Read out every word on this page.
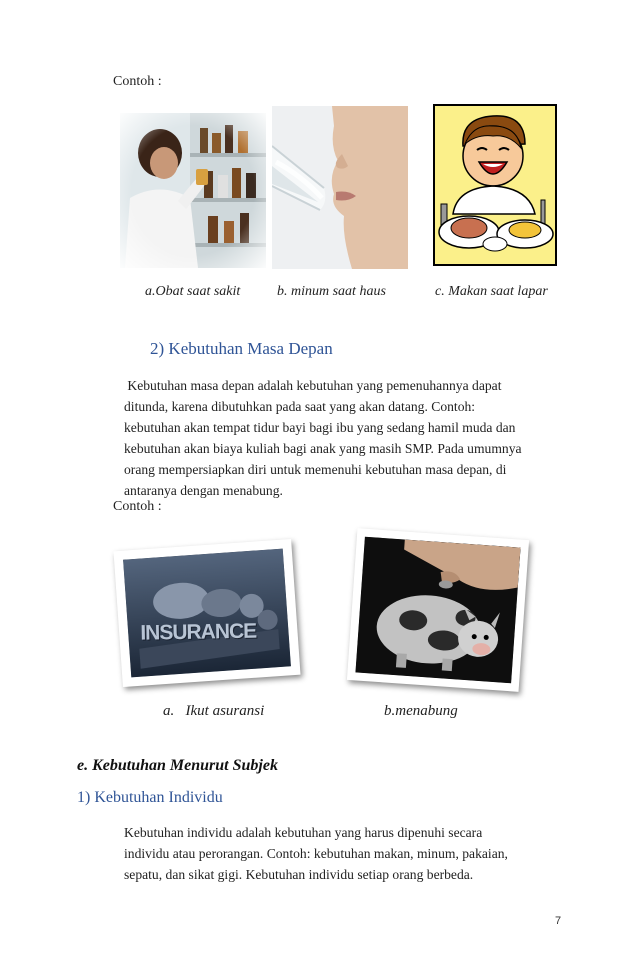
Contoh :
a.Obat saat sakit	b. minum saat haus	c. Makan saat lapar
2) Kebutuhan Masa Depan

Kebutuhan masa depan adalah kebutuhan yang pemenuhannya dapat

ditunda, karena dibutuhkan pada saat yang akan datang. Contoh:

kebutuhan akan tempat tidur bayi bagi ibu yang sedang hamil muda dan

kebutuhan akan biaya kuliah bagi anak yang masih SMP. Pada umumnya

orang mempersiapkan diri untuk memenuhi kebutuhan masa depan, di

antaranya dengan menabung.

Contoh :
INSURANCE
a.   Ikut asuransi	b.menabung
e. Kebutuhan Menurut Subjek
1) Kebutuhan Individu

Kebutuhan individu adalah kebutuhan yang harus dipenuhi secara

individu atau perorangan. Contoh: kebutuhan makan, minum, pakaian,

sepatu, dan sikat gigi. Kebutuhan individu setiap orang berbeda.

7
